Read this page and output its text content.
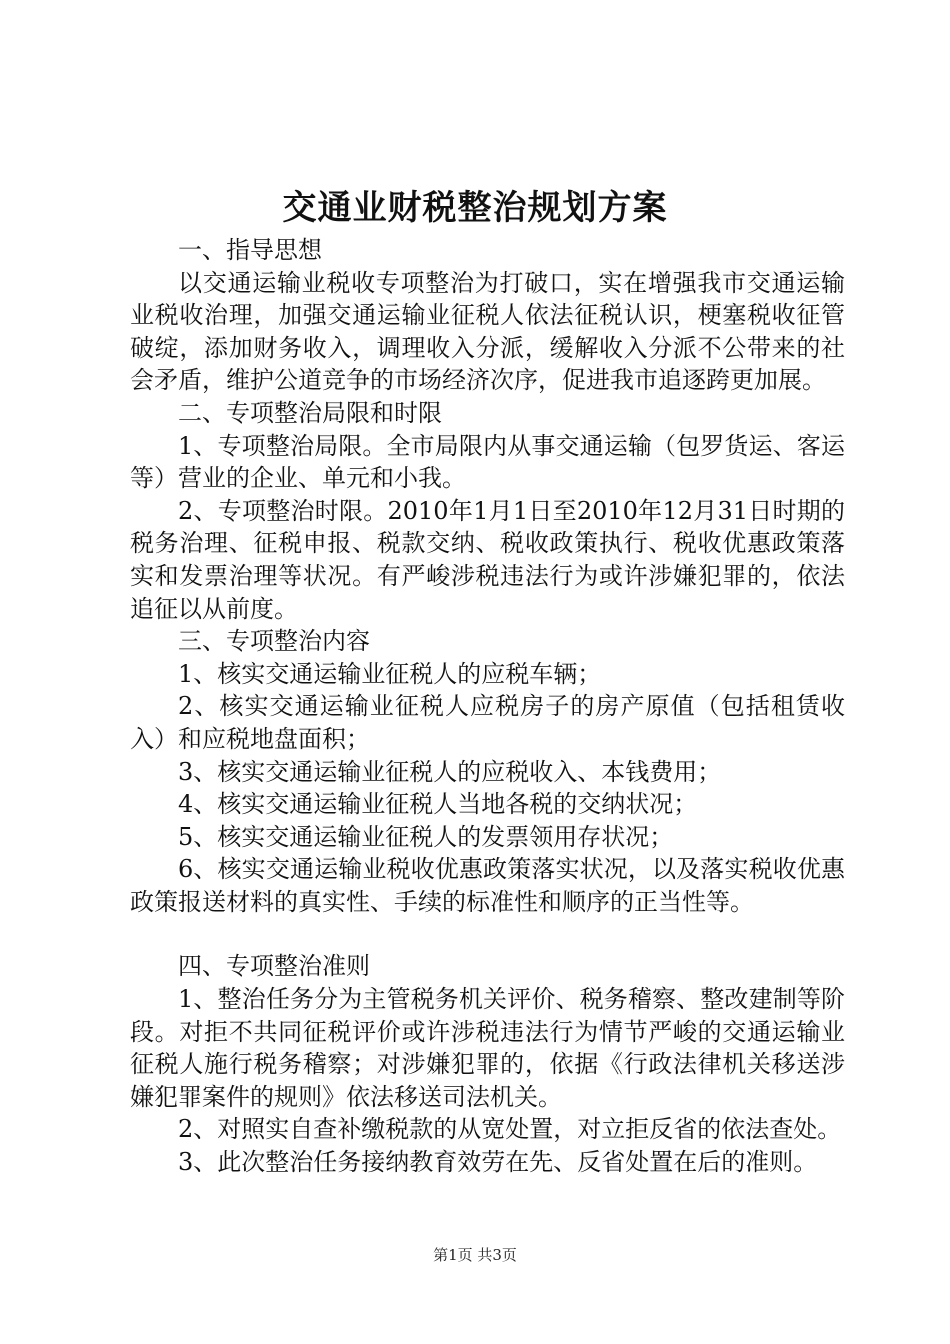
交通业财税整治规划方案

一、指导思想

以交通运输业税收专项整治为打破口，实在增强我市交通运输业税收治理，加强交通运输业征税人依法征税认识，梗塞税收征管破绽，添加财务收入，调理收入分派，缓解收入分派不公带来的社会矛盾，维护公道竞争的市场经济次序，促进我市追逐跨更加展。

二、专项整治局限和时限

1、专项整治局限。全市局限内从事交通运输（包罗货运、客运等）营业的企业、单元和小我。

2、专项整治时限。2010年1月1日至2010年12月31日时期的税务治理、征税申报、税款交纳、税收政策执行、税收优惠政策落实和发票治理等状况。有严峻涉税违法行为或许涉嫌犯罪的，依法追征以从前度。

三、专项整治内容

1、核实交通运输业征税人的应税车辆；

2、核实交通运输业征税人应税房子的房产原值（包括租赁收入）和应税地盘面积；

3、核实交通运输业征税人的应税收入、本钱费用；

4、核实交通运输业征税人当地各税的交纳状况；

5、核实交通运输业征税人的发票领用存状况；

6、核实交通运输业税收优惠政策落实状况，以及落实税收优惠政策报送材料的真实性、手续的标准性和顺序的正当性等。

四、专项整治准则

1、整治任务分为主管税务机关评价、税务稽察、整改建制等阶段。对拒不共同征税评价或许涉税违法行为情节严峻的交通运输业征税人施行税务稽察；对涉嫌犯罪的，依据《行政法律机关移送涉嫌犯罪案件的规则》依法移送司法机关。

2、对照实自查补缴税款的从宽处置，对立拒反省的依法查处。

3、此次整治任务接纳教育效劳在先、反省处置在后的准则。

第1页 共3页
